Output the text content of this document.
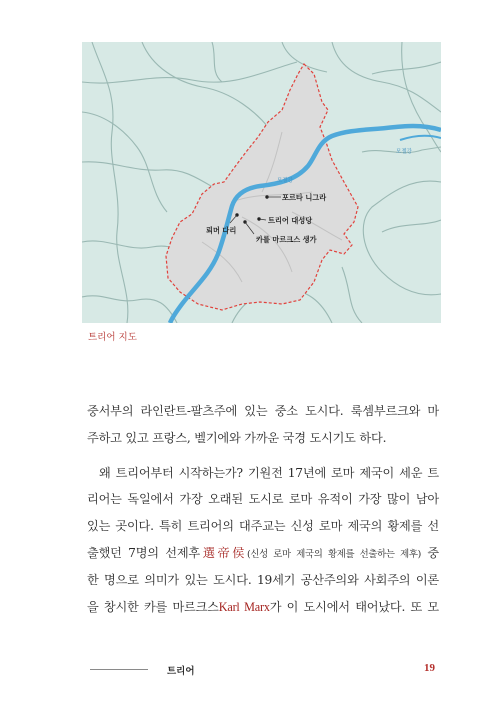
포르타 니그라
뢰머 다리
트리어 대성당
카를 마르크스 생가
모젤강
모젤강
트리어 지도
중서부의 라인란트-팔츠주에 있는 중소 도시다. 룩셈부르크와 마
주하고 있고 프랑스, 벨기에와 가까운 국경 도시기도 하다.
왜 트리어부터 시작하는가? 기원전 17년에 로마 제국이 세운 트
리어는 독일에서 가장 오래된 도시로 로마 유적이 가장 많이 남아
있는 곳이다. 특히 트리어의 대주교는 신성 로마 제국의 황제를 선
출했던 7명의 선제후選帝侯(신성 로마 제국의 황제를 선출하는 제후) 중
한 명으로 의미가 있는 도시다. 19세기 공산주의와 사회주의 이론
을 창시한 카를 마르크스Karl Marx가 이 도시에서 태어났다. 또 모
트리어	19
